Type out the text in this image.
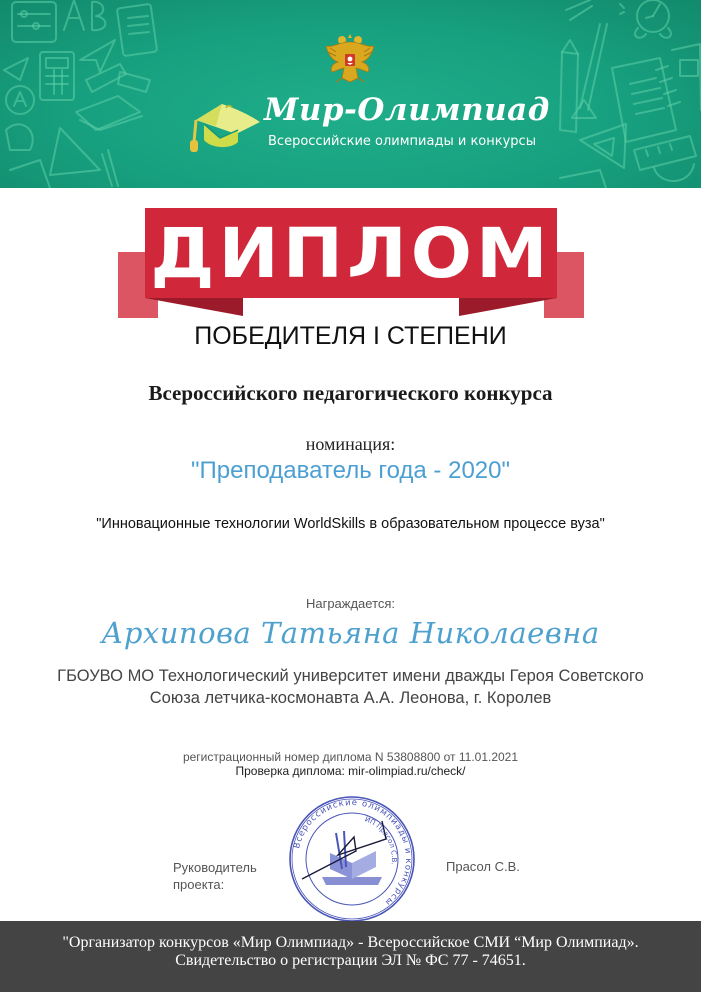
Мир-Олимпиад
Всероссийские олимпиады и конкурсы
ДИПЛОМ
ПОБЕДИТЕЛЯ I СТЕПЕНИ
Всероссийского педагогического конкурса
номинация:
"Преподаватель года - 2020"
"Инновационные технологии WorldSkills в образовательном процессе вуза"
Награждается:
Архипова Татьяна Николаевна
ГБОУВО МО Технологический университет имени дважды Героя Советского
Союза летчика-космонавта А.А. Леонова, г. Королев
регистрационный номер диплома N 53808800 от 11.01.2021
Проверка диплома: mir-olimpiad.ru/check/
Руководитель
проекта:
Всероссийские олимпиады и конкурсы
ИП Прасол С.В.	Прасол С.В.
"Организатор конкурсов «Мир Олимпиад» - Всероссийское СМИ “Мир Олимпиад».
Свидетельство о регистрации ЭЛ № ФС 77 - 74651.
